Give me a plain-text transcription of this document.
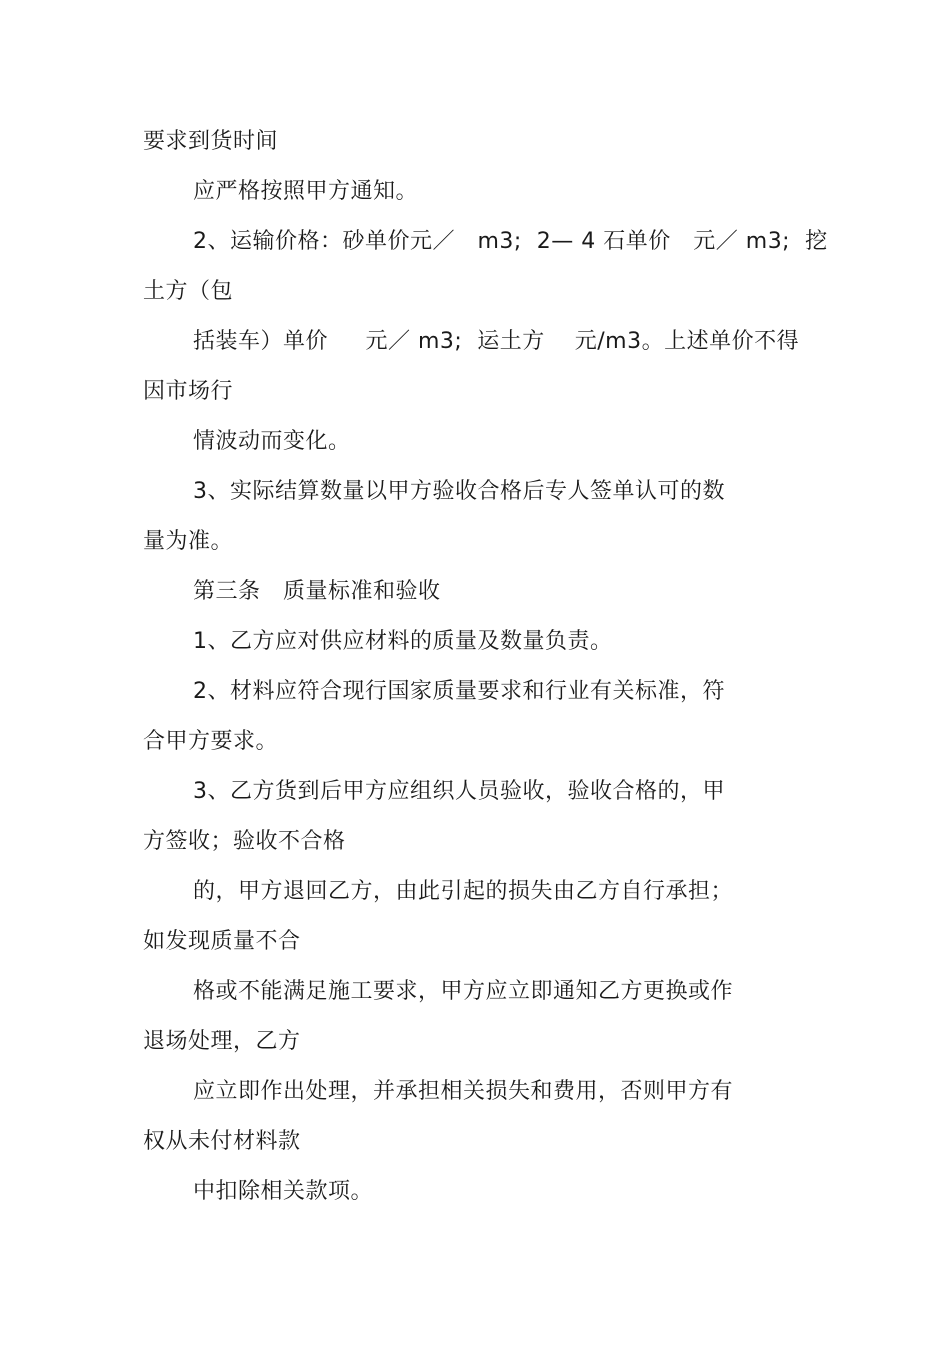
要求到货时间
应严格按照甲方通知。
2、运输价格：砂单价元／   m3;  2— 4 石单价   元／ m3;  挖
土方（包
括装车）单价     元／ m3;  运土方    元/m3。上述单价不得
因市场行
情波动而变化。
3、实际结算数量以甲方验收合格后专人签单认可的数
量为准。
第三条   质量标准和验收
1、乙方应对供应材料的质量及数量负责。
2、材料应符合现行国家质量要求和行业有关标准，符
合甲方要求。
3、乙方货到后甲方应组织人员验收，验收合格的，甲
方签收；验收不合格
的，甲方退回乙方，由此引起的损失由乙方自行承担；
如发现质量不合
格或不能满足施工要求，甲方应立即通知乙方更换或作
退场处理，乙方
应立即作出处理，并承担相关损失和费用，否则甲方有
权从未付材料款
中扣除相关款项。
